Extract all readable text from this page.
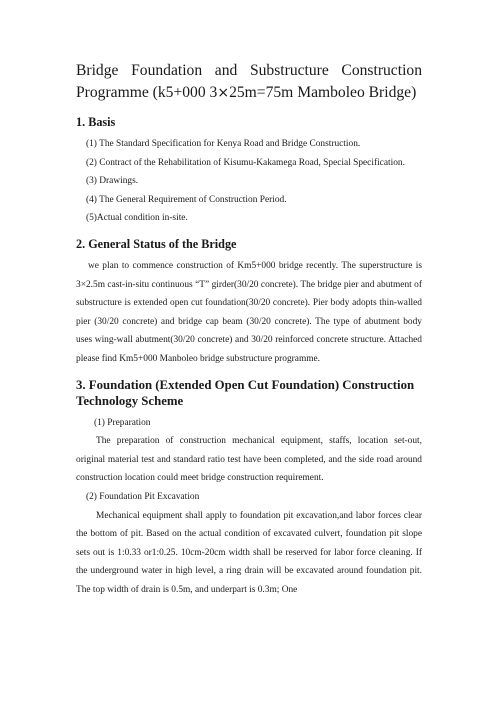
Bridge Foundation and Substructure Construction
Programme (k5+000 3×25m=75m Mamboleo Bridge)
1. Basis
(1) The Standard Specification for Kenya Road and Bridge Construction.
(2) Contract of the Rehabilitation of Kisumu-Kakamega Road, Special Specification.
(3) Drawings.
(4) The General Requirement of Construction Period.
(5)Actual condition in-site.
2. General Status of the Bridge

we plan to commence construction of Km5+000 bridge recently. The superstructure is 3×2.5m cast-in-situ continuous “T” girder(30/20 concrete). The bridge pier and abutment of substructure is extended open cut foundation(30/20 concrete). Pier body adopts thin-walled pier (30/20 concrete) and bridge cap beam (30/20 concrete). The type of abutment body uses wing-wall abutment(30/20 concrete) and 30/20 reinforced concrete structure. Attached please find Km5+000 Manboleo bridge substructure programme.

3. Foundation (Extended Open Cut Foundation) Construction Technology Scheme
(1) Preparation

The preparation of construction mechanical equipment, staffs, location set-out, original material test and standard ratio test have been completed, and the side road around construction location could meet bridge construction requirement.

(2) Foundation Pit Excavation

Mechanical equipment shall apply to foundation pit excavation,and labor forces clear the bottom of pit. Based on the actual condition of excavated culvert, foundation pit slope sets out is 1:0.33 or1:0.25. 10cm-20cm width shall be reserved for labor force cleaning. If the underground water in high level, a ring drain will be excavated around foundation pit. The top width of drain is 0.5m, and underpart is 0.3m; One
